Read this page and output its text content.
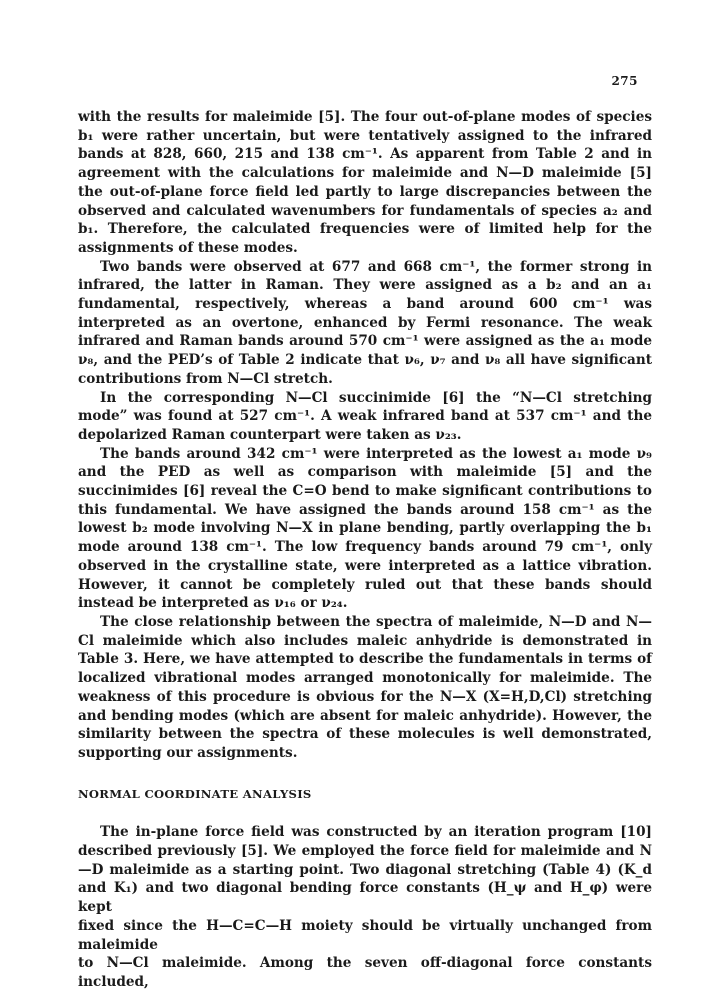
275

with the results for maleimide [5]. The four out-of-plane modes of species b₁ were rather uncertain, but were tentatively assigned to the infrared bands at 828, 660, 215 and 138 cm⁻¹. As apparent from Table 2 and in agreement with the calculations for maleimide and N—D maleimide [5] the out-of-plane force field led partly to large discrepancies between the observed and calculated wavenumbers for fundamentals of species a₂ and b₁. Therefore, the calculated frequencies were of limited help for the assignments of these modes.

Two bands were observed at 677 and 668 cm⁻¹, the former strong in infrared, the latter in Raman. They were assigned as a b₂ and an a₁ fundamental, respectively, whereas a band around 600 cm⁻¹ was interpreted as an overtone, enhanced by Fermi resonance. The weak infrared and Raman bands around 570 cm⁻¹ were assigned as the a₁ mode ν₈, and the PED’s of Table 2 indicate that ν₆, ν₇ and ν₈ all have significant contributions from N—Cl stretch.

In the corresponding N—Cl succinimide [6] the “N—Cl stretching mode” was found at 527 cm⁻¹. A weak infrared band at 537 cm⁻¹ and the depolarized Raman counterpart were taken as ν₂₃.

The bands around 342 cm⁻¹ were interpreted as the lowest a₁ mode ν₉ and the PED as well as comparison with maleimide [5] and the succinimides [6] reveal the C=O bend to make significant contributions to this fundamental. We have assigned the bands around 158 cm⁻¹ as the lowest b₂ mode involving N—X in plane bending, partly overlapping the b₁ mode around 138 cm⁻¹. The low frequency bands around 79 cm⁻¹, only observed in the crystalline state, were interpreted as a lattice vibration. However, it cannot be completely ruled out that these bands should instead be interpreted as ν₁₆ or ν₂₄.

The close relationship between the spectra of maleimide, N—D and N—Cl maleimide which also includes maleic anhydride is demonstrated in Table 3. Here, we have attempted to describe the fundamentals in terms of localized vibrational modes arranged monotonically for maleimide. The weakness of this procedure is obvious for the N—X (X=H,D,Cl) stretching and bending modes (which are absent for maleic anhydride). However, the similarity between the spectra of these molecules is well demonstrated, supporting our assignments.

NORMAL COORDINATE ANALYSIS

The in-plane force field was constructed by an iteration program [10] described previously [5]. We employed the force field for maleimide and N—D maleimide as a starting point. Two diagonal stretching (Table 4) (K_d and K₁) and two diagonal bending force constants (H_ψ and H_φ) were kept

fixed since the H—C=C—H moiety should be virtually unchanged from maleimide

to N—Cl maleimide. Among the seven off-diagonal force constants included,
